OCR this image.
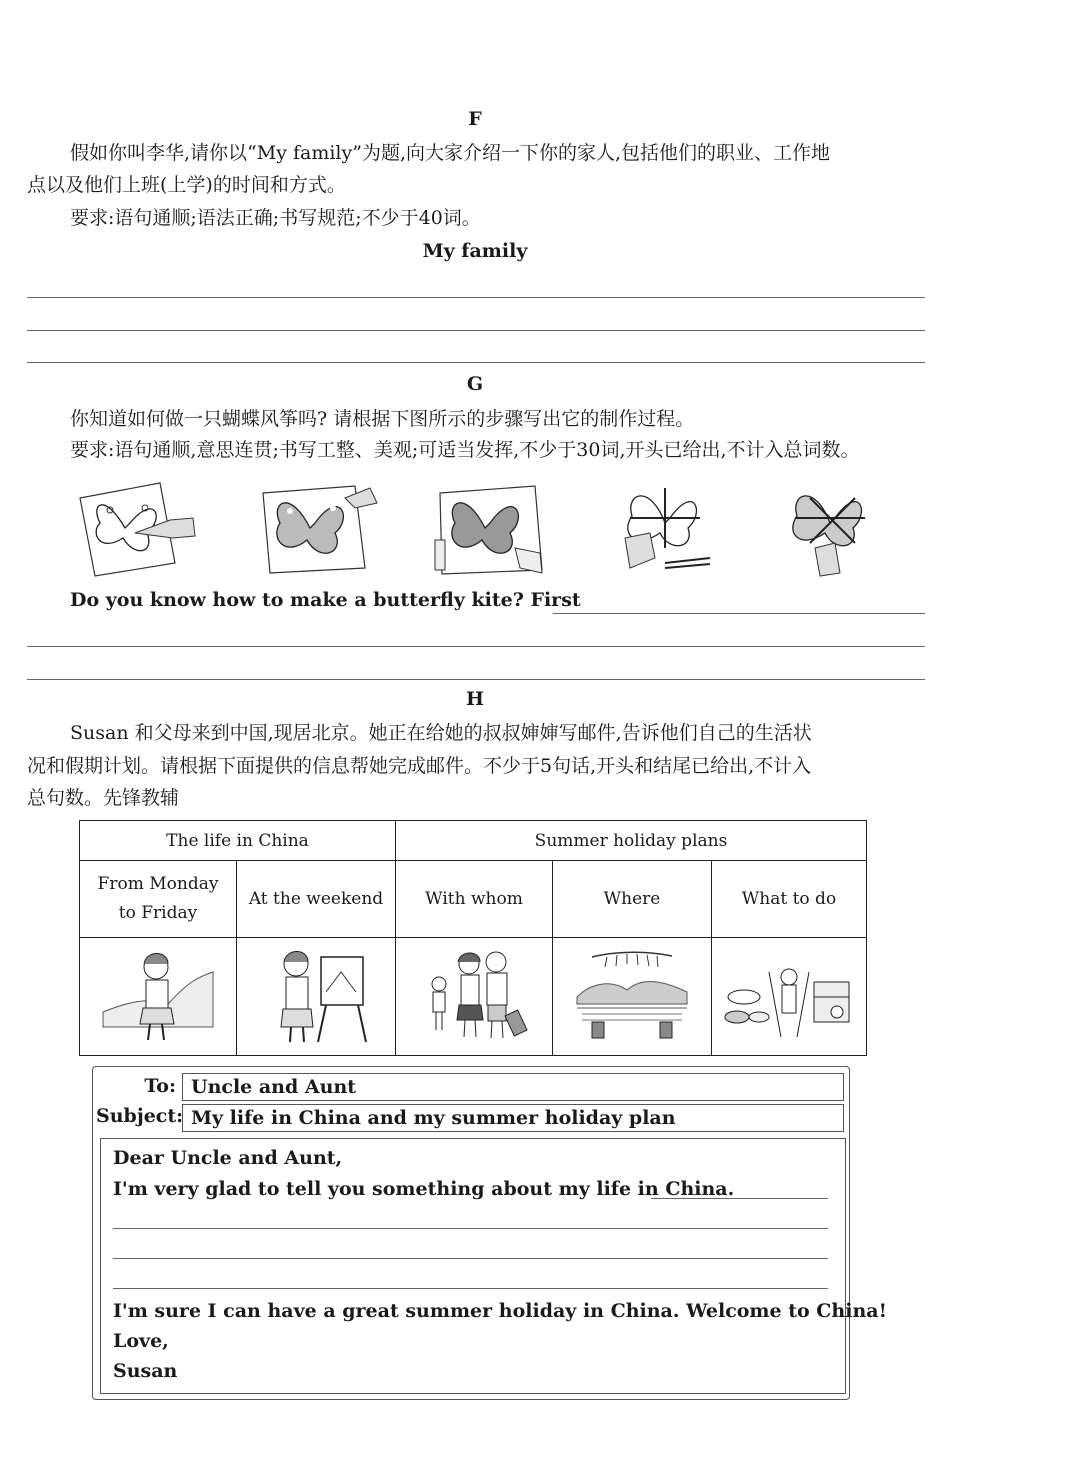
F
假如你叫李华,请你以“My family”为题,向大家介绍一下你的家人,包括他们的职业、工作地
点以及他们上班(上学)的时间和方式。
要求:语句通顺;语法正确;书写规范;不少于40词。
My family
G
你知道如何做一只蝴蝶风筝吗? 请根据下图所示的步骤写出它的制作过程。
要求:语句通顺,意思连贯;书写工整、美观;可适当发挥,不少于30词,开头已给出,不计入总词数。
Do you know how to make a butterfly kite? First
H
Susan 和父母来到中国,现居北京。她正在给她的叔叔婶婶写邮件,告诉他们自己的生活状
况和假期计划。请根据下面提供的信息帮她完成邮件。不少于5句话,开头和结尾已给出,不计入
总句数。先锋教辅
The life in China		Summer holiday plans		

From Monday
to Friday	At the weekend	With whom	Where	What to do

To: Uncle and Aunt
Subject: My life in China and my summer holiday plan
Dear Uncle and Aunt,
I'm very glad to tell you something about my life in China.
I'm sure I can have a great summer holiday in China. Welcome to China!
Love,
Susan
